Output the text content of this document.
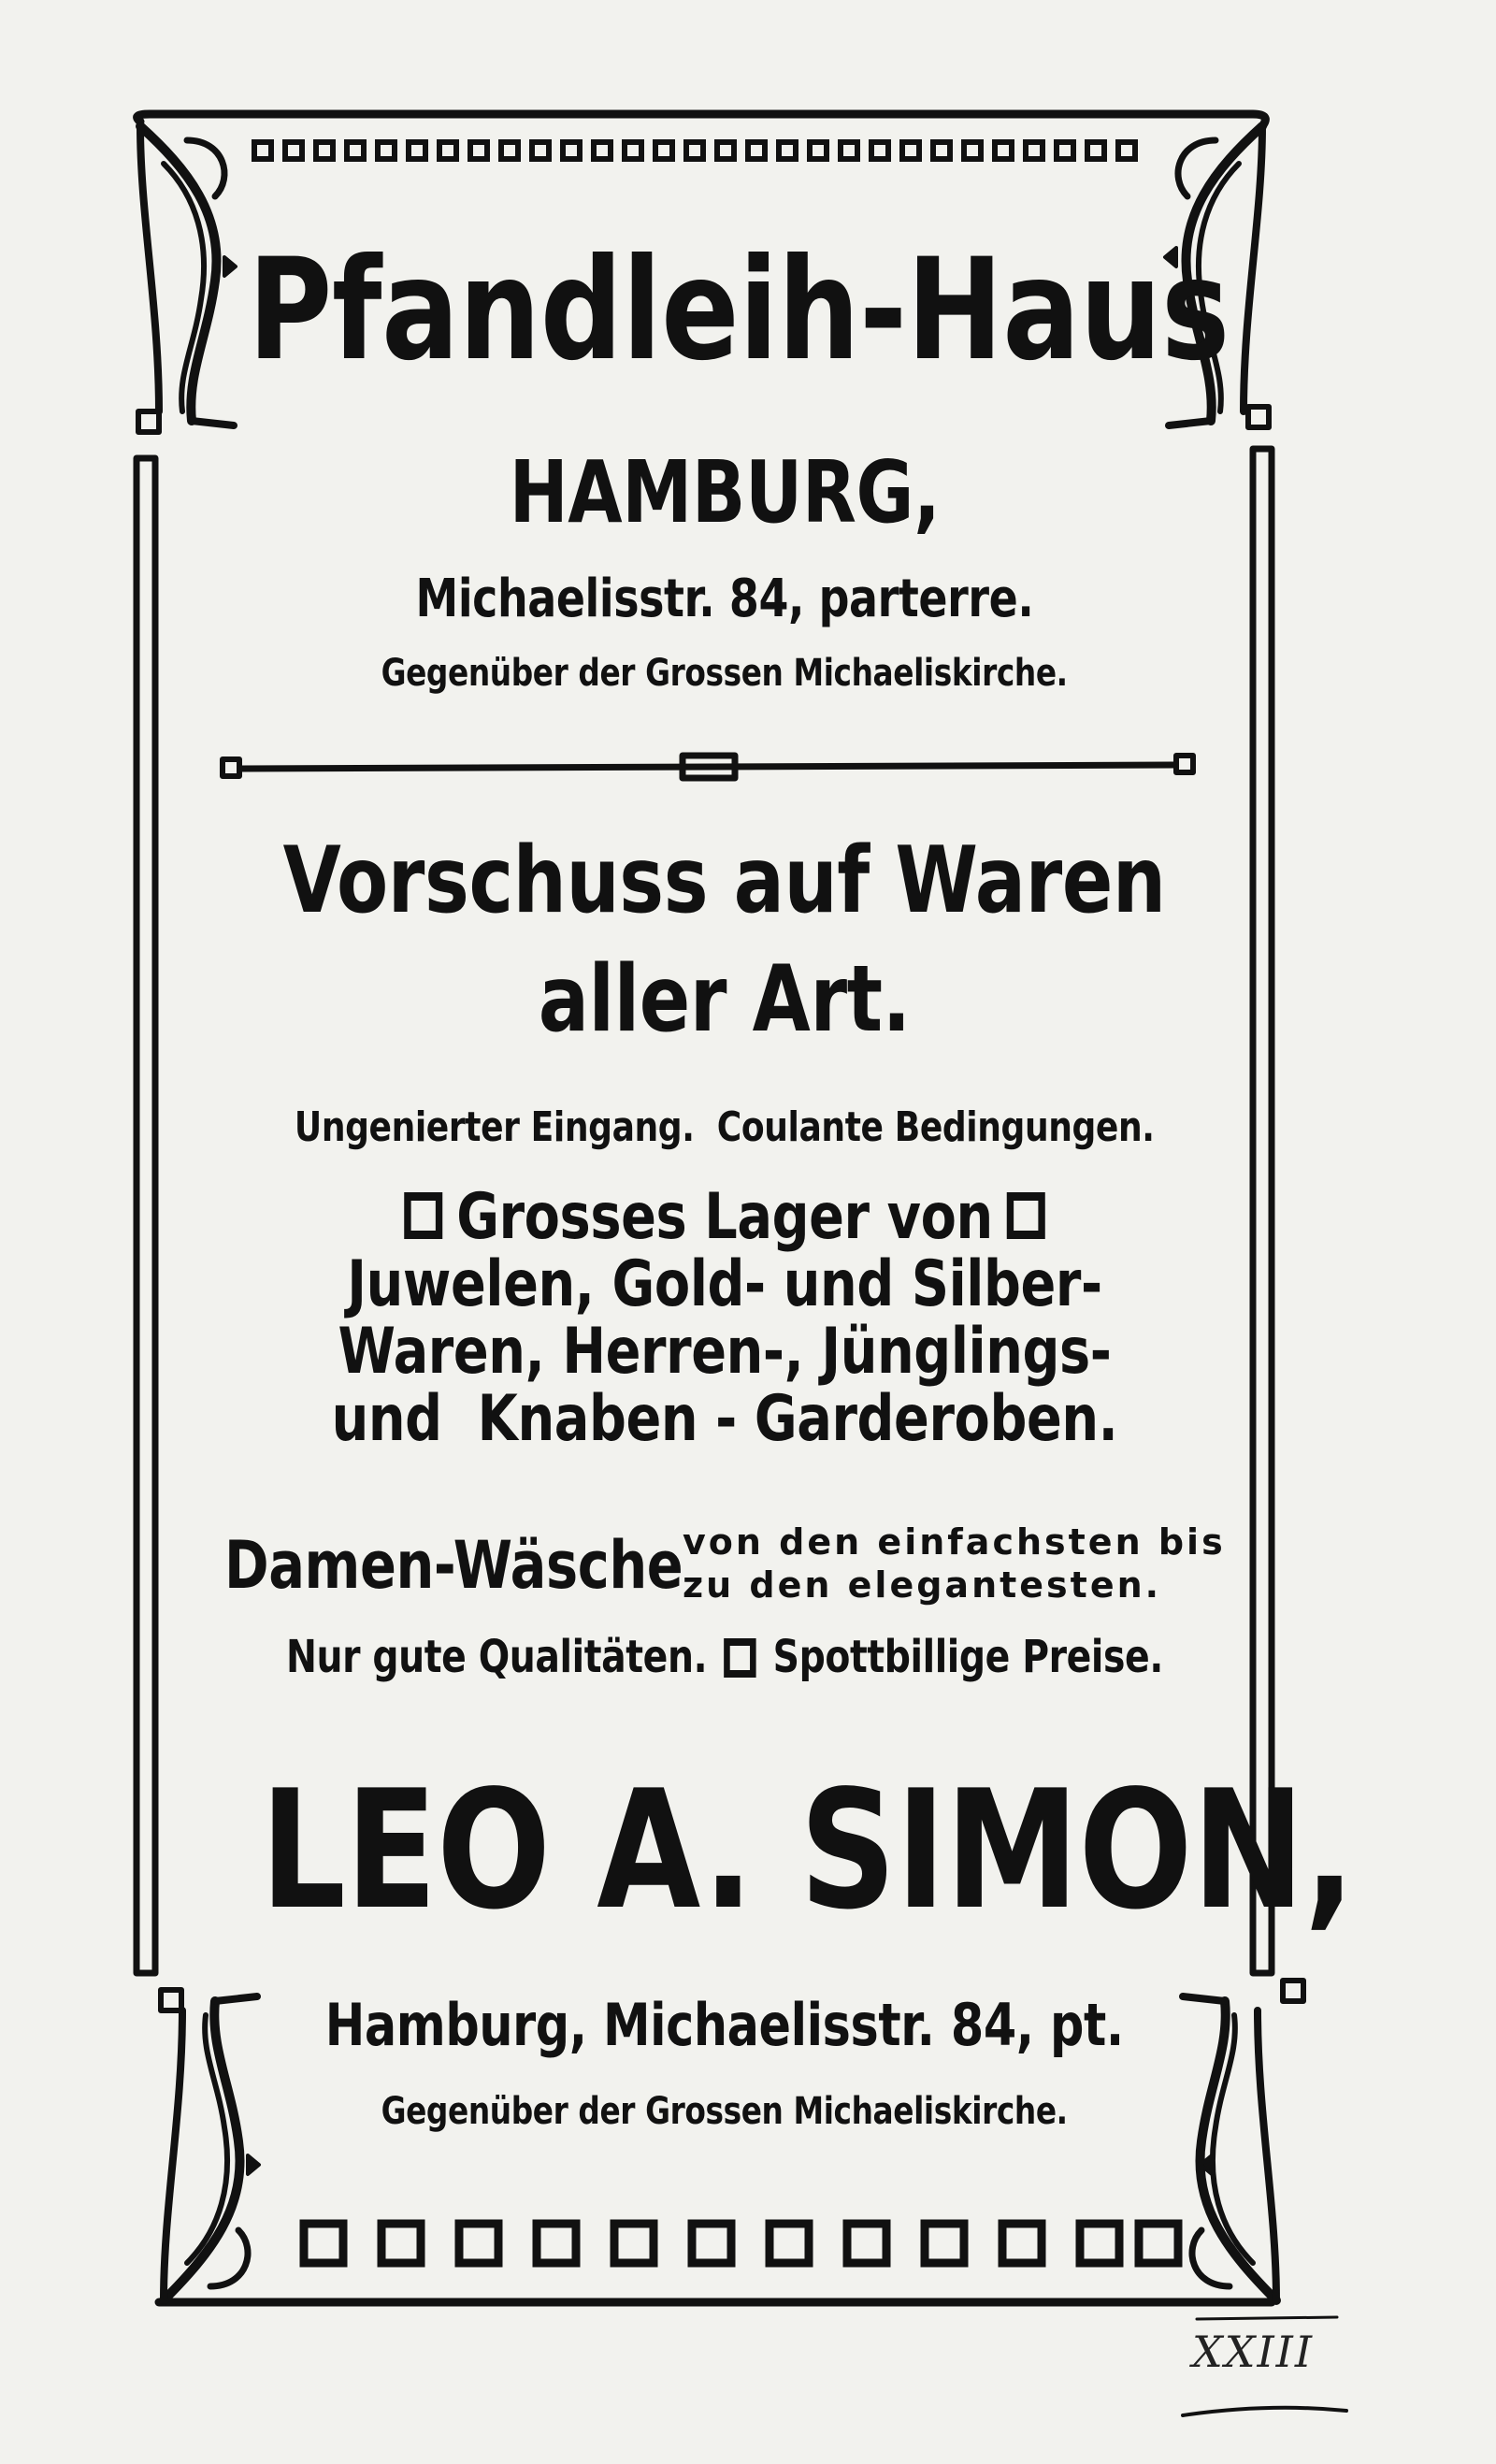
Pfandleih-Haus
HAMBURG,
Michaelisstr. 84, parterre.
Gegenüber der Grossen Michaeliskirche.
Vorschuss auf Waren
aller Art.
Ungenierter Eingang.  Coulante Bedingungen.
Grosses Lager von
Juwelen, Gold- und Silber-
Waren, Herren-, Jünglings-
und  Knaben - Garderoben.
Damen-Wäsche von den einfachsten bis
zu den elegantesten.
Nur gute Qualitäten. Spottbillige Preise.
LEO A. SIMON,
Hamburg, Michaelisstr. 84, pt.
Gegenüber der Grossen Michaeliskirche.
XXIII
